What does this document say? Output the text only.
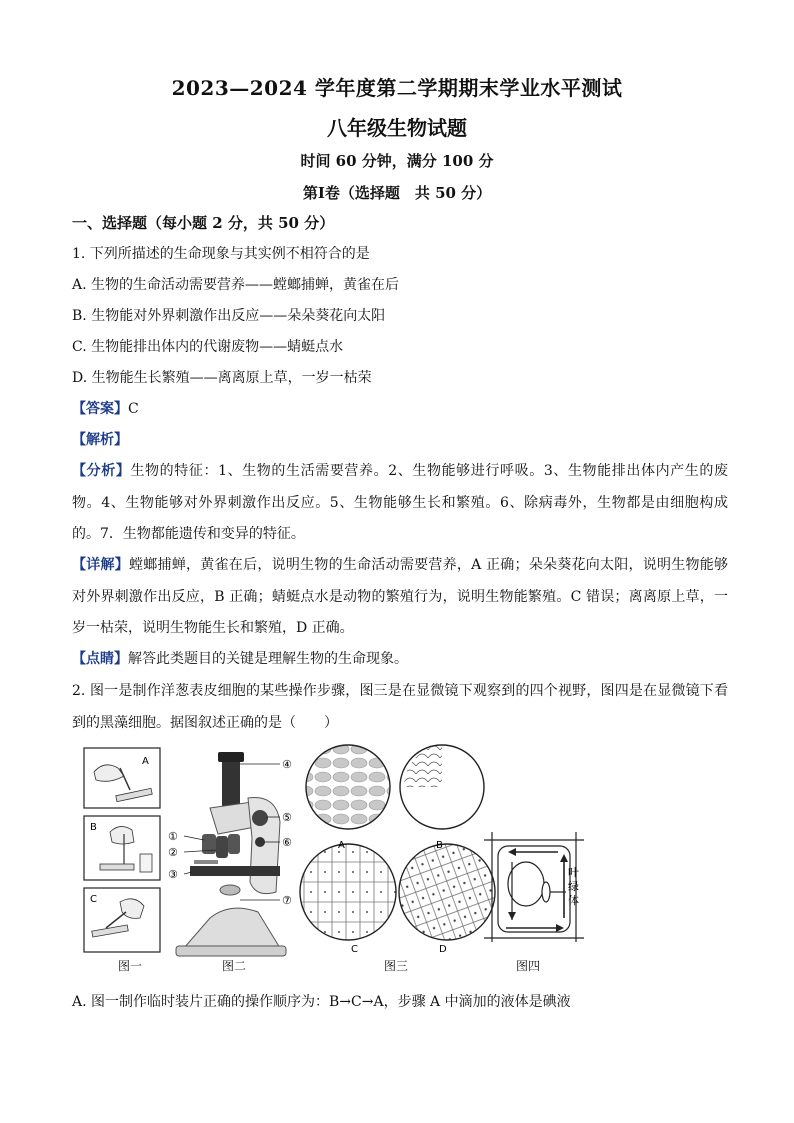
2023—2024 学年度第二学期期末学业水平测试
八年级生物试题
时间 60 分钟，满分 100 分
第Ⅰ卷（选择题　共 50 分）
一、选择题（每小题 2 分，共 50 分）
1. 下列所描述的生命现象与其实例不相符合的是
A. 生物的生命活动需要营养——螳螂捕蝉，黄雀在后
B. 生物能对外界刺激作出反应——朵朵葵花向太阳
C. 生物能排出体内的代谢废物——蜻蜓点水
D. 生物能生长繁殖——离离原上草，一岁一枯荣
【答案】C
【解析】
【分析】生物的特征：1、生物的生活需要营养。2、生物能够进行呼吸。3、生物能排出体内产生的废物。4、生物能够对外界刺激作出反应。5、生物能够生长和繁殖。6、除病毒外，生物都是由细胞构成的。7．生物都能遗传和变异的特征。
【详解】螳螂捕蝉，黄雀在后，说明生物的生命活动需要营养，A 正确；朵朵葵花向太阳，说明生物能够对外界刺激作出反应，B 正确；蜻蜓点水是动物的繁殖行为，说明生物能繁殖。C 错误；离离原上草，一岁一枯荣，说明生物能生长和繁殖，D 正确。
【点睛】解答此类题目的关键是理解生物的生命现象。
2. 图一是制作洋葱表皮细胞的某些操作步骤，图三是在显微镜下观察到的四个视野，图四是在显微镜下看到的黑藻细胞。据图叙述正确的是（　　）
A
B
C
④
⑤
⑥
①
②
③
⑦
A	B
C	D
叶绿体
图一	图二	图三	图四
A. 图一制作临时装片正确的操作顺序为：B→C→A，步骤 A 中滴加的液体是碘液
